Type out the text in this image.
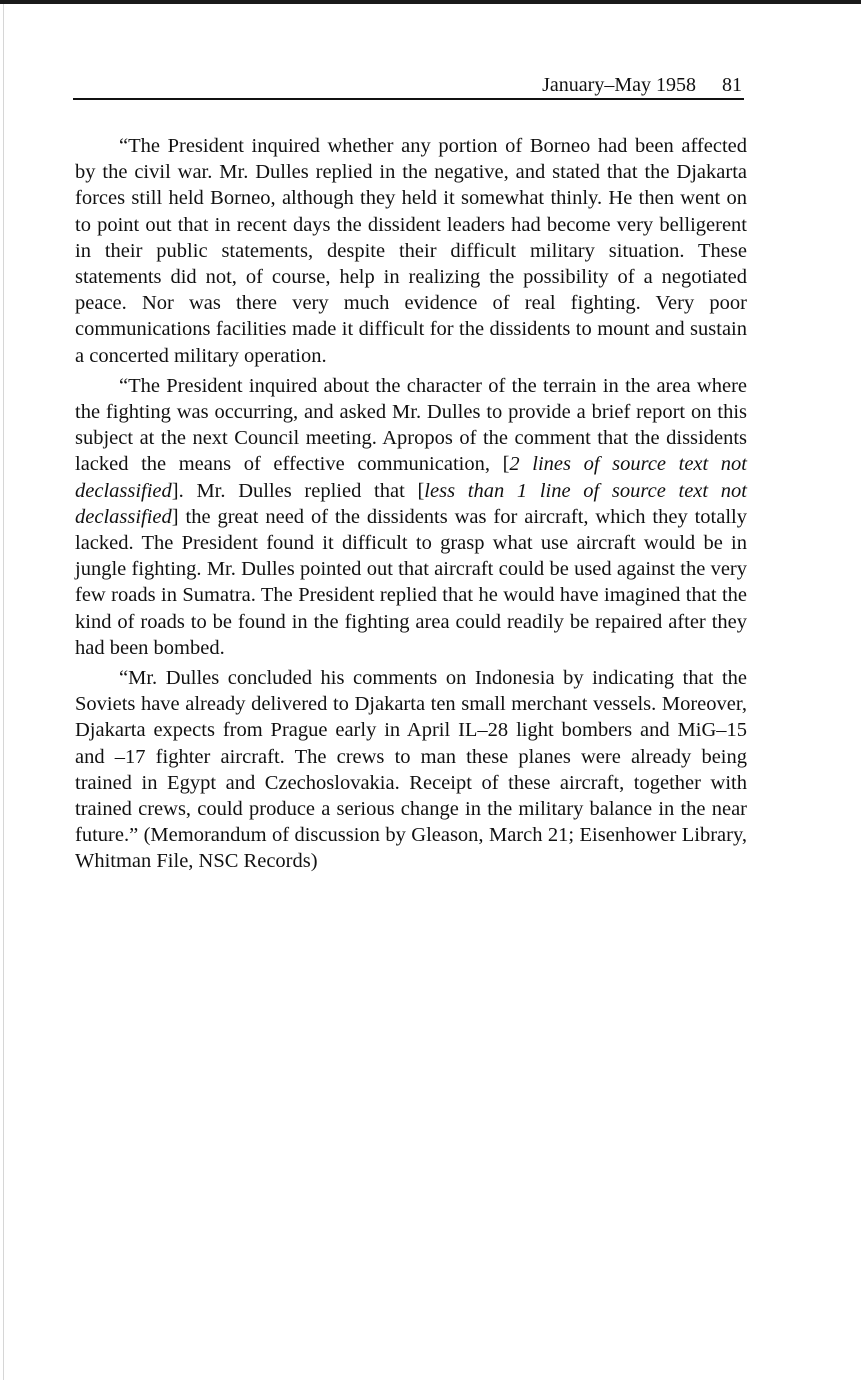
January–May 1958 81

“The President inquired whether any portion of Borneo had been affected by the civil war. Mr. Dulles replied in the negative, and stated that the Djakarta forces still held Borneo, although they held it somewhat thinly. He then went on to point out that in recent days the dissident leaders had become very belligerent in their public statements, despite their difficult military situation. These statements did not, of course, help in realizing the possibility of a negotiated peace. Nor was there very much evidence of real fighting. Very poor communications facilities made it difficult for the dissidents to mount and sustain a concerted military operation.

“The President inquired about the character of the terrain in the area where the fighting was occurring, and asked Mr. Dulles to provide a brief report on this subject at the next Council meeting. Apropos of the comment that the dissidents lacked the means of effective communication, [2 lines of source text not declassified]. Mr. Dulles replied that [less than 1 line of source text not declassified] the great need of the dissidents was for aircraft, which they totally lacked. The President found it difficult to grasp what use aircraft would be in jungle fighting. Mr. Dulles pointed out that aircraft could be used against the very few roads in Sumatra. The President replied that he would have imagined that the kind of roads to be found in the fighting area could readily be repaired after they had been bombed.

“Mr. Dulles concluded his comments on Indonesia by indicating that the Soviets have already delivered to Djakarta ten small merchant vessels. Moreover, Djakarta expects from Prague early in April IL–28 light bombers and MiG–15 and –17 fighter aircraft. The crews to man these planes were already being trained in Egypt and Czechoslovakia. Receipt of these aircraft, together with trained crews, could produce a serious change in the military balance in the near future.” (Memorandum of discussion by Gleason, March 21; Eisenhower Library, Whitman File, NSC Records)
